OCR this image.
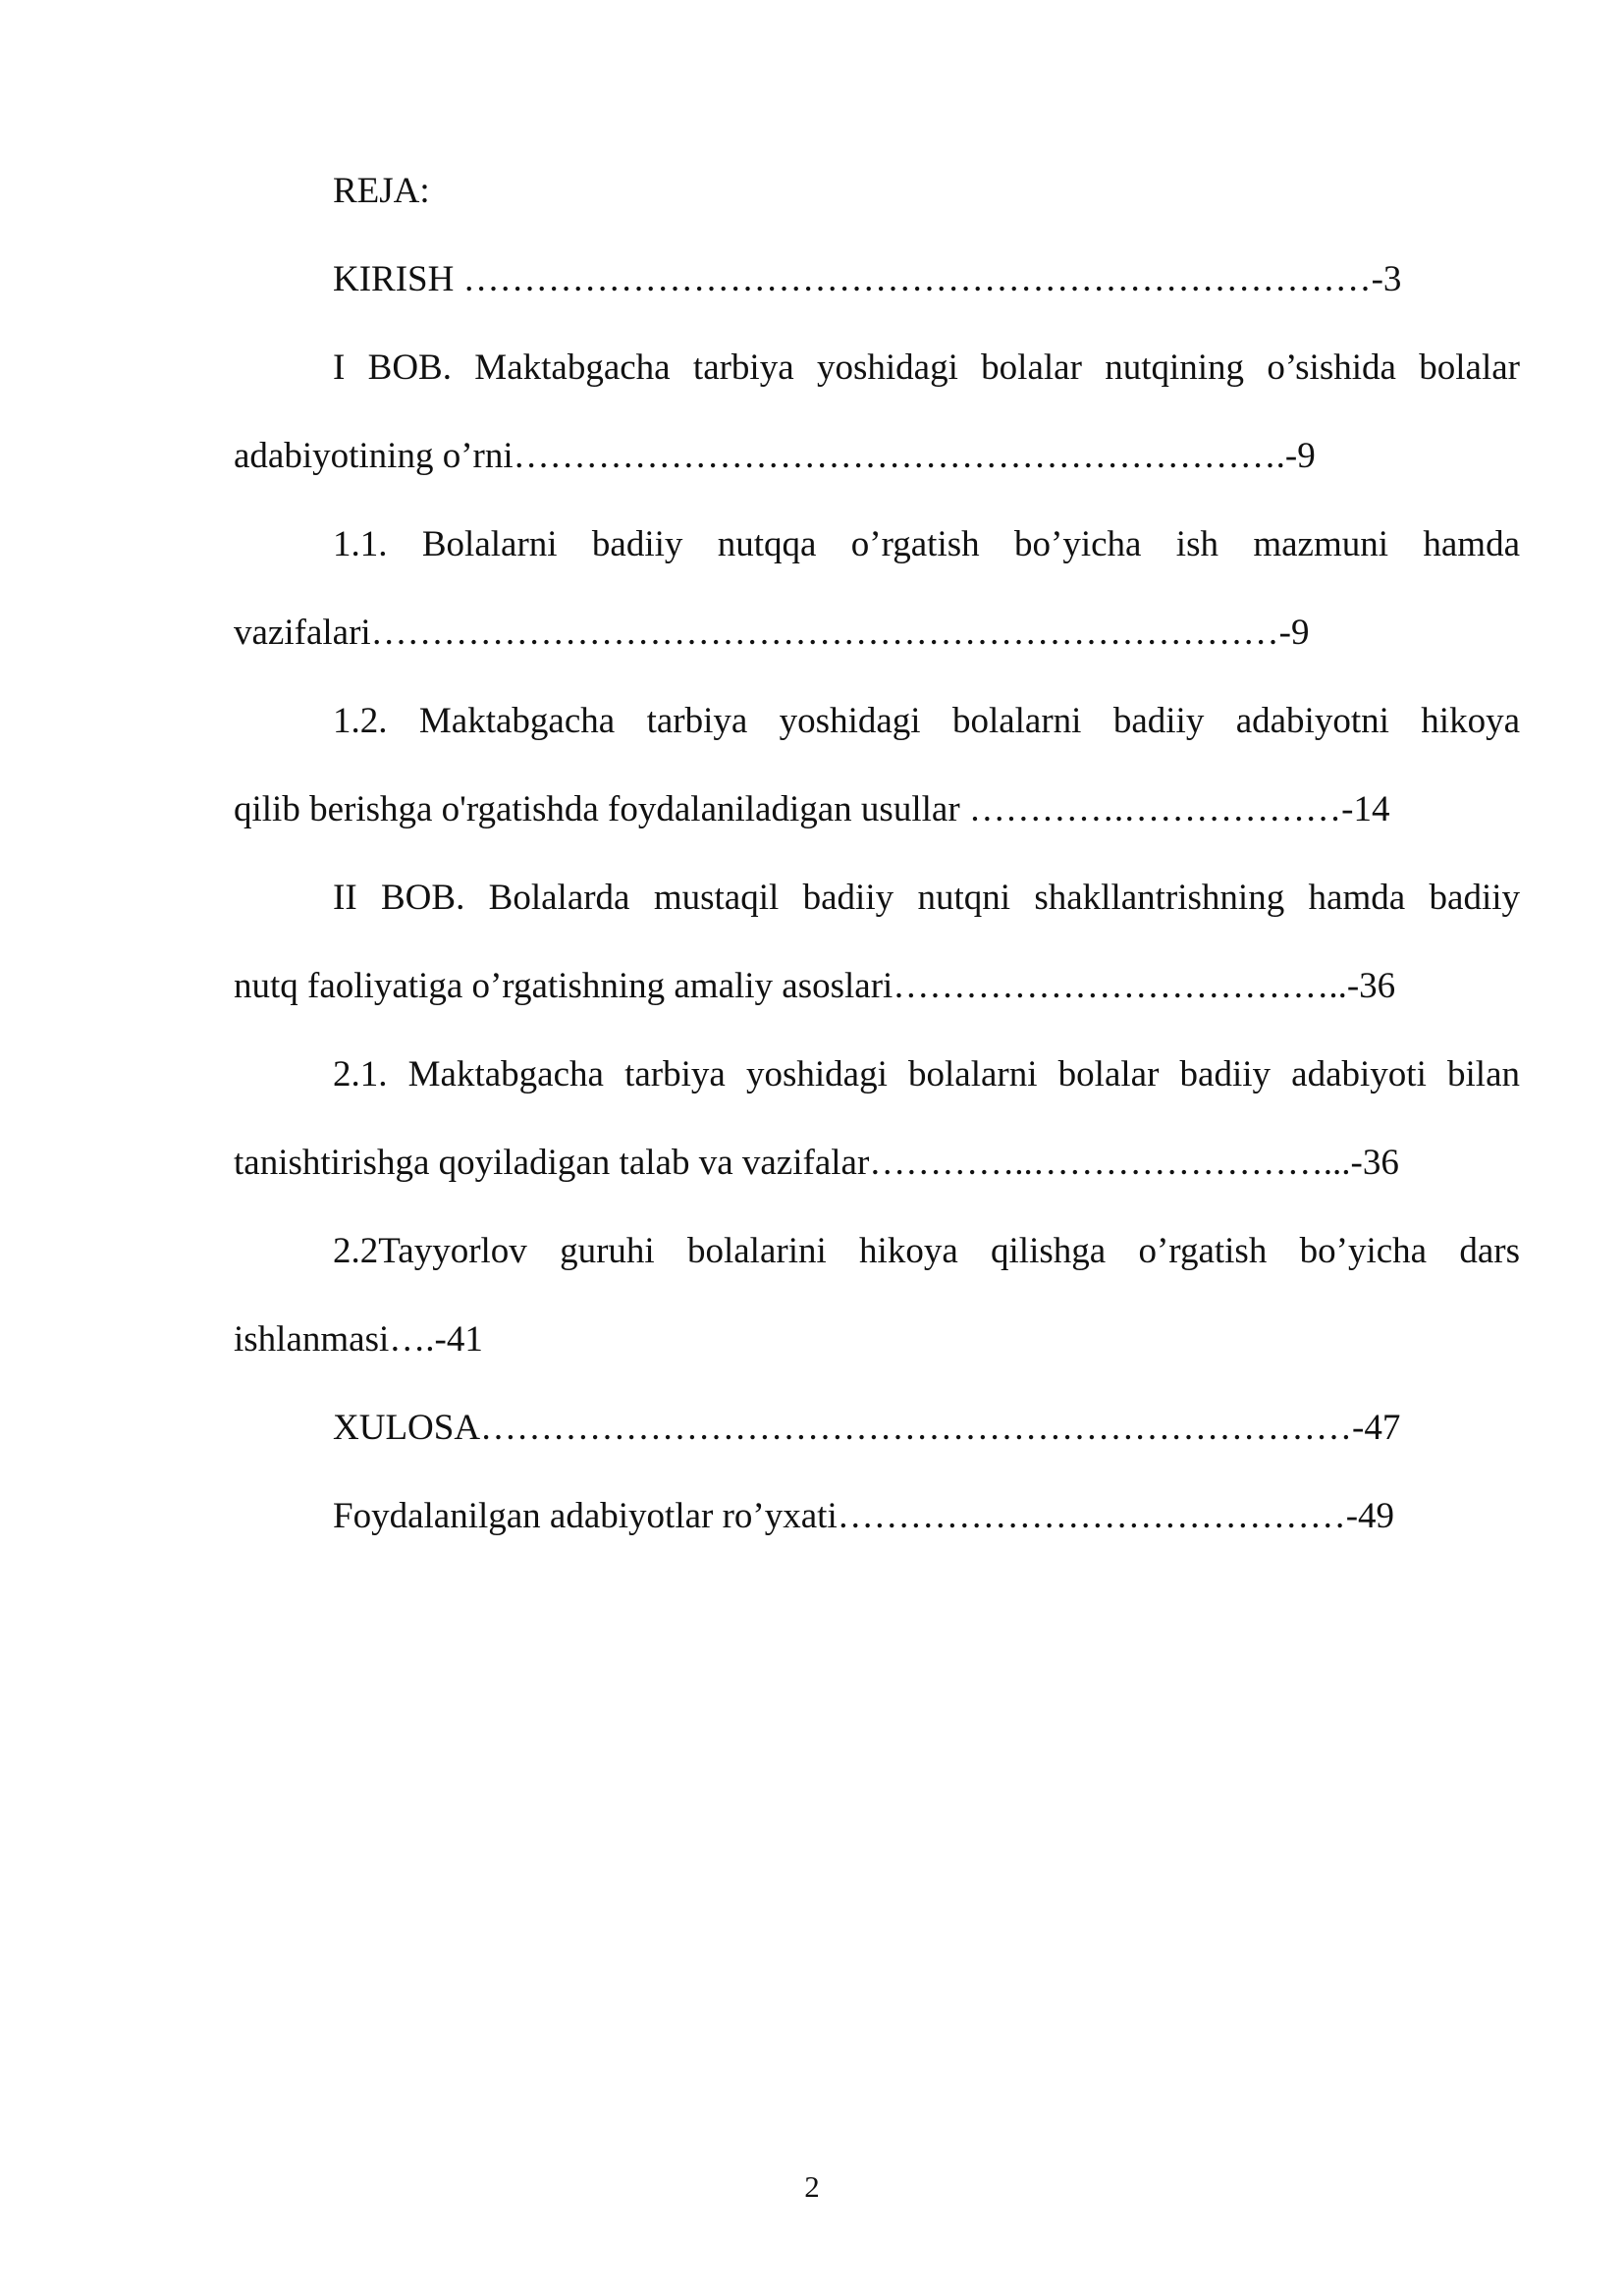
REJA:
KIRISH …………………………………………………………………-3
I BOB. Maktabgacha tarbiya yoshidagi bolalar nutqining o’sishida bolalar
adabiyotining o’rni……………………………………………………….-9
1.1. Bolalarni badiiy nutqqa o’rgatish bo’yicha ish mazmuni hamda
vazifalari…………………………………………………………………-9
1.2. Maktabgacha tarbiya yoshidagi bolalarni badiiy adabiyotni hikoya
qilib berishga o'rgatishda foydalaniladigan usullar ………….………………-14
II BOB. Bolalarda mustaqil badiiy nutqni shakllantrishning hamda badiiy
nutq faoliyatiga o’rgatishning amaliy asoslari………………………………..-36
2.1. Maktabgacha tarbiya yoshidagi bolalarni bolalar badiiy adabiyoti bilan
tanishtirishga qoyiladigan talab va vazifalar…………..……………………...-36
2.2Tayyorlov guruhi bolalarini hikoya qilishga o’rgatish bo’yicha dars
ishlanmasi….-41
XULOSA………………………………………………………………-47
Foydalanilgan adabiyotlar ro’yxati……………………………………-49
2
